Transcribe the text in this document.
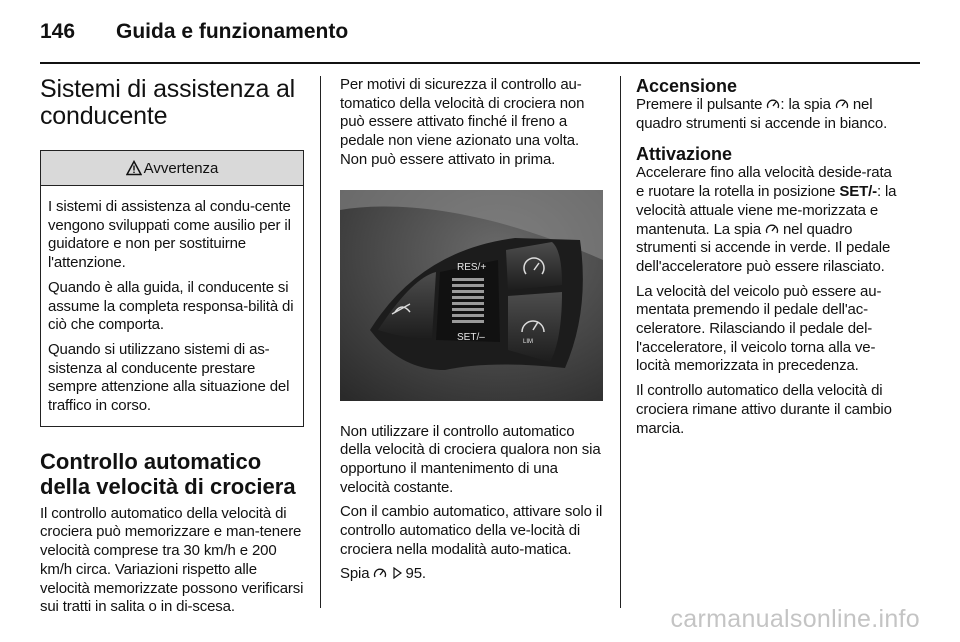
146 Guida e funzionamento
Sistemi di assistenza al conducente
Avvertenza

I sistemi di assistenza al condu-cente vengono sviluppati come ausilio per il guidatore e non per sostituirne l'attenzione.

Quando è alla guida, il conducente si assume la completa responsa-bilità di ciò che comporta.

Quando si utilizzano sistemi di as-sistenza al conducente prestare sempre attenzione alla situazione del traffico in corso.

Controllo automatico della velocità di crociera

Il controllo automatico della velocità di crociera può memorizzare e man-tenere velocità comprese tra 30 km/h e 200 km/h circa. Variazioni rispetto alle velocità memorizzate possono verificarsi sui tratti in salita o in di-scesa.

Per motivi di sicurezza il controllo au-tomatico della velocità di crociera non può essere attivato finché il freno a pedale non viene azionato una volta. Non può essere attivato in prima.

RES/+
SET/–	LIM

Non utilizzare il controllo automatico della velocità di crociera qualora non sia opportuno il mantenimento di una velocità costante.

Con il cambio automatico, attivare solo il controllo automatico della ve-locità di crociera nella modalità auto-matica.

Spia 95.

Accensione

Premere il pulsante : la spia nel quadro strumenti si accende in bianco.

Attivazione

Accelerare fino alla velocità deside-rata e ruotare la rotella in posizione SET/-: la velocità attuale viene me-morizzata e mantenuta. La spia nel quadro strumenti si accende in verde. Il pedale dell'acceleratore può essere rilasciato.

La velocità del veicolo può essere au-mentata premendo il pedale dell'ac-celeratore. Rilasciando il pedale del-l'acceleratore, il veicolo torna alla ve-locità memorizzata in precedenza.

Il controllo automatico della velocità di crociera rimane attivo durante il cambio marcia.

carmanualsonline.info
